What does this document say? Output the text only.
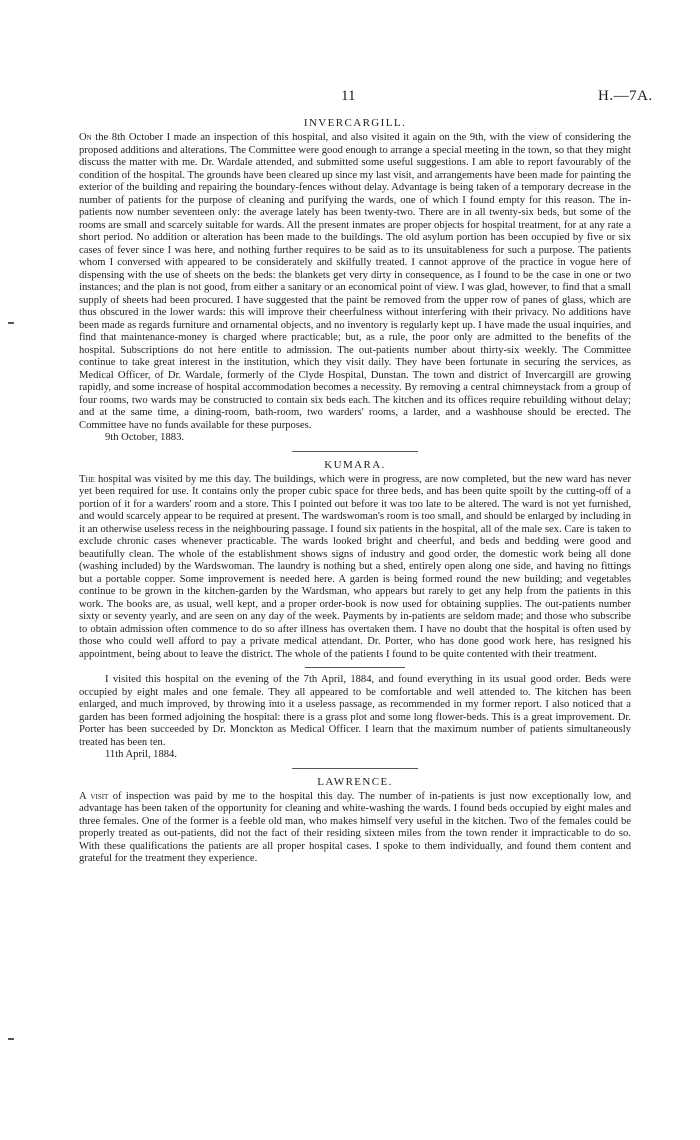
11	H.—7A.
INVERCARGILL.

On the 8th October I made an inspection of this hospital, and also visited it again on the 9th, with the view of considering the proposed additions and alterations. The Committee were good enough to arrange a special meeting in the town, so that they might discuss the matter with me. Dr. Wardale attended, and submitted some useful suggestions. I am able to report favourably of the condition of the hospital. The grounds have been cleared up since my last visit, and arrangements have been made for painting the exterior of the building and repairing the boundary-fences without delay. Advantage is being taken of a temporary decrease in the number of patients for the purpose of cleaning and purifying the wards, one of which I found empty for this reason. The in-patients now number seventeen only: the average lately has been twenty-two. There are in all twenty-six beds, but some of the rooms are small and scarcely suitable for wards. All the present inmates are proper objects for hospital treatment, for at any rate a short period. No addition or alteration has been made to the buildings. The old asylum portion has been occupied by five or six cases of fever since I was here, and nothing further requires to be said as to its unsuitableness for such a purpose. The patients whom I conversed with appeared to be considerately and skilfully treated. I cannot approve of the practice in vogue here of dispensing with the use of sheets on the beds: the blankets get very dirty in consequence, as I found to be the case in one or two instances; and the plan is not good, from either a sanitary or an economical point of view. I was glad, however, to find that a small supply of sheets had been procured. I have suggested that the paint be removed from the upper row of panes of glass, which are thus obscured in the lower wards: this will improve their cheerfulness without interfering with their privacy. No additions have been made as regards furniture and ornamental objects, and no inventory is regularly kept up. I have made the usual inquiries, and find that maintenance-money is charged where practicable; but, as a rule, the poor only are admitted to the benefits of the hospital. Subscriptions do not here entitle to admission. The out-patients number about thirty-six weekly. The Committee continue to take great interest in the institution, which they visit daily. They have been fortunate in securing the services, as Medical Officer, of Dr. Wardale, formerly of the Clyde Hospital, Dunstan. The town and district of Invercargill are growing rapidly, and some increase of hospital accommodation becomes a necessity. By removing a central chimneystack from a group of four rooms, two wards may be constructed to contain six beds each. The kitchen and its offices require rebuilding without delay; and at the same time, a dining-room, bath-room, two warders' rooms, a larder, and a washhouse should be erected. The Committee have no funds available for these purposes.

9th October, 1883.

KUMARA.

The hospital was visited by me this day. The buildings, which were in progress, are now completed, but the new ward has never yet been required for use. It contains only the proper cubic space for three beds, and has been quite spoilt by the cutting-off of a portion of it for a warders' room and a store. This I pointed out before it was too late to be altered. The ward is not yet furnished, and would scarcely appear to be required at present. The wardswoman's room is too small, and should be enlarged by including in it an otherwise useless recess in the neighbouring passage. I found six patients in the hospital, all of the male sex. Care is taken to exclude chronic cases whenever practicable. The wards looked bright and cheerful, and beds and bedding were good and beautifully clean. The whole of the establishment shows signs of industry and good order, the domestic work being all done (washing included) by the Wardswoman. The laundry is nothing but a shed, entirely open along one side, and having no fittings but a portable copper. Some improvement is needed here. A garden is being formed round the new building; and vegetables continue to be grown in the kitchen-garden by the Wardsman, who appears but rarely to get any help from the patients in this work. The books are, as usual, well kept, and a proper order-book is now used for obtaining supplies. The out-patients number sixty or seventy yearly, and are seen on any day of the week. Payments by in-patients are seldom made; and those who subscribe to obtain admission often commence to do so after illness has overtaken them. I have no doubt that the hospital is often used by those who could well afford to pay a private medical attendant. Dr. Porter, who has done good work here, has resigned his appointment, being about to leave the district. The whole of the patients I found to be quite contented with their treatment.

I visited this hospital on the evening of the 7th April, 1884, and found everything in its usual good order. Beds were occupied by eight males and one female. They all appeared to be comfortable and well attended to. The kitchen has been enlarged, and much improved, by throwing into it a useless passage, as recommended in my former report. I also noticed that a garden has been formed adjoining the hospital: there is a grass plot and some long flower-beds. This is a great improvement. Dr. Porter has been succeeded by Dr. Monckton as Medical Officer. I learn that the maximum number of patients simultaneously treated has been ten.

11th April, 1884.

LAWRENCE.

A visit of inspection was paid by me to the hospital this day. The number of in-patients is just now exceptionally low, and advantage has been taken of the opportunity for cleaning and white-washing the wards. I found beds occupied by eight males and three females. One of the former is a feeble old man, who makes himself very useful in the kitchen. Two of the females could be properly treated as out-patients, did not the fact of their residing sixteen miles from the town render it impracticable to do so. With these qualifications the patients are all proper hospital cases. I spoke to them individually, and found them content and grateful for the treatment they experience.
